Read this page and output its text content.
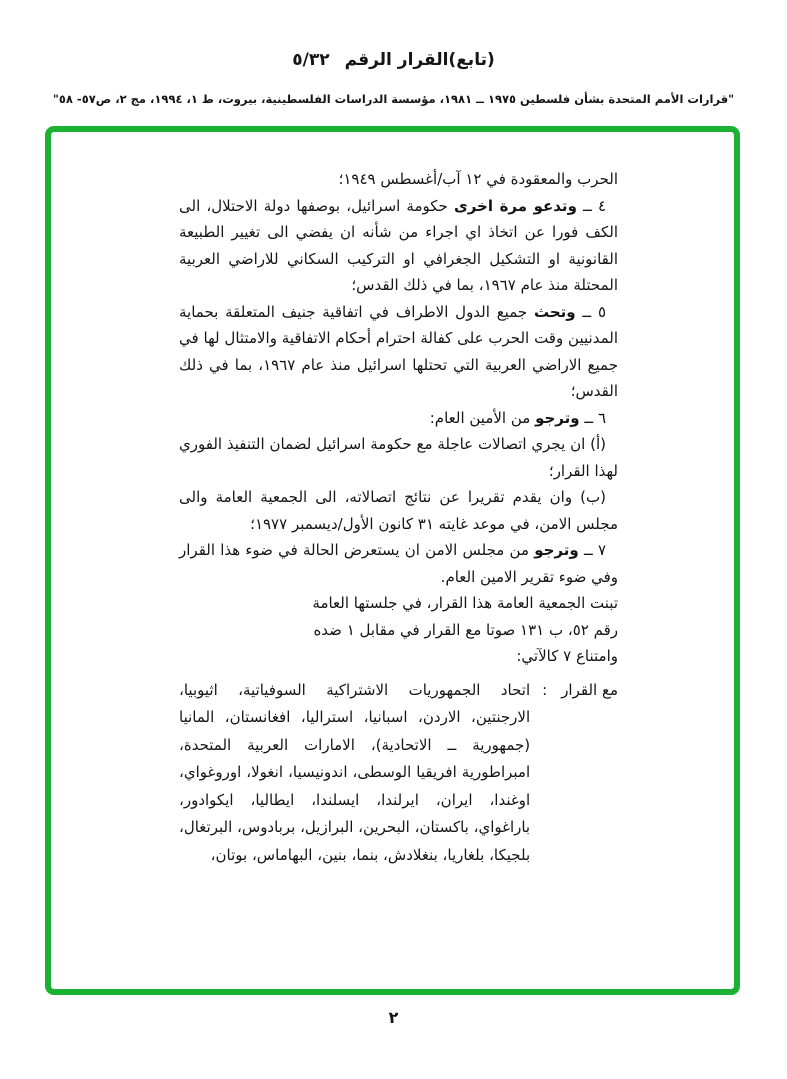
(تابع)القرار الرقم
٥/٣٢
"قرارات الأمم المتحدة بشأن فلسطين ١٩٧٥ ــ ١٩٨١، مؤسسة الدراسات الفلسطينية، بيروت، ط ١، ١٩٩٤، مج ٢، ص٥٧- ٥٨"

الحرب والمعقودة في ١٢ آب/أغسطس ١٩٤٩؛

٤ ــ وتدعو مرة اخرى حكومة اسرائيل، بوصفها دولة الاحتلال، الى الكف فورا عن اتخاذ اي اجراء من شأنه ان يفضي الى تغيير الطبيعة القانونية او التشكيل الجغرافي او التركيب السكاني للاراضي العربية المحتلة منذ عام ١٩٦٧، بما في ذلك القدس؛

٥ ــ وتحث جميع الدول الاطراف في اتفاقية جنيف المتعلقة بحماية المدنيين وقت الحرب على كفالة احترام أحكام الاتفاقية والامتثال لها في جميع الاراضي العربية التي تحتلها اسرائيل منذ عام ١٩٦٧، بما في ذلك القدس؛

٦ ــ وترجو من الأمين العام:

(أ) ان يجري اتصالات عاجلة مع حكومة اسرائيل لضمان التنفيذ الفوري لهذا القرار؛

(ب) وان يقدم تقريرا عن نتائج اتصالاته، الى الجمعية العامة والى مجلس الامن، في موعد غايته ٣١ كانون الأول/ديسمبر ١٩٧٧؛

٧ ــ وترجو من مجلس الامن ان يستعرض الحالة في ضوء هذا القرار وفي ضوء تقرير الامين العام.

تبنت الجمعية العامة هذا القرار، في جلستها العامة رقم ٥٢، ب ١٣١ صوتا مع القرار في مقابل ١ ضده وامتناع ٧ كالآتي:

مع القرار
:

اتحاد الجمهوريات الاشتراكية السوفياتية، اثيوبيا، الارجنتين، الاردن، اسبانيا، استراليا، افغانستان، المانيا (جمهورية ــ الاتحادية)، الامارات العربية المتحدة، امبراطورية افريقيا الوسطى، اندونيسيا، انغولا، اوروغواي، اوغندا، ايران، ايرلندا، ايسلندا، ايطاليا، ايكوادور، باراغواي، باكستان، البحرين، البرازيل، بربادوس، البرتغال، بلجيكا، بلغاريا، بنغلادش، بنما، بنين، البهاماس، بوتان،

٢
